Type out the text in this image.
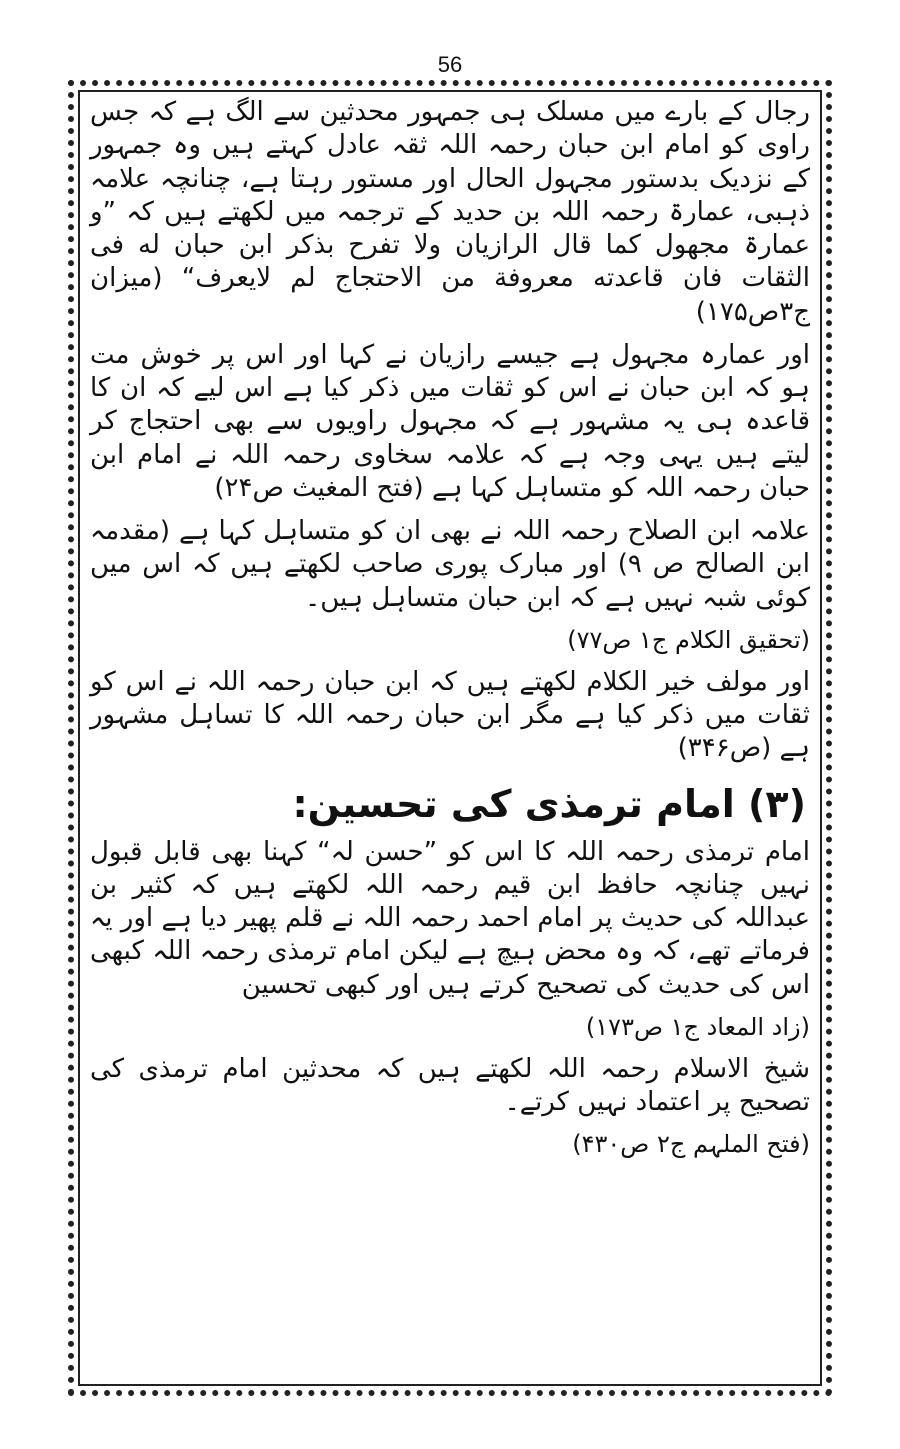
56

رجال کے بارے میں مسلک ہی جمہور محدثین سے الگ ہے کہ جس راوی کو امام ابن حبان رحمہ اللہ ثقہ عادل کہتے ہیں وہ جمہور کے نزدیک بدستور مجہول الحال اور مستور رہتا ہے، چنانچہ علامہ ذہبی، عمارۃ رحمہ اللہ بن حدید کے ترجمہ میں لکھتے ہیں کہ ”و عمارۃ مجھول کما قال الرازیان ولا تفرح بذکر ابن حبان له فی الثقات فان قاعدته معروفة من الاحتجاج لم لایعرف“ (میزان ج۳ص۱۷۵)

اور عمارہ مجہول ہے جیسے رازیان نے کہا اور اس پر خوش مت ہو کہ ابن حبان نے اس کو ثقات میں ذکر کیا ہے اس لیے کہ ان کا قاعدہ ہی یہ مشہور ہے کہ مجہول راویوں سے بھی احتجاج کر لیتے ہیں یہی وجہ ہے کہ علامہ سخاوی رحمہ اللہ نے امام ابن حبان رحمہ اللہ کو متساہل کہا ہے (فتح المغیث ص۲۴)

علامہ ابن الصلاح رحمہ اللہ نے بھی ان کو متساہل کہا ہے (مقدمہ ابن الصالح ص ۹) اور مبارک پوری صاحب لکھتے ہیں کہ اس میں کوئی شبہ نہیں ہے کہ ابن حبان متساہل ہیں۔

(تحقیق الکلام ج۱ ص۷۷)

اور مولف خیر الکلام لکھتے ہیں کہ ابن حبان رحمہ اللہ نے اس کو ثقات میں ذکر کیا ہے مگر ابن حبان رحمہ اللہ کا تساہل مشہور ہے (ص۳۴۶)

(۳) امام ترمذی کی تحسین:

امام ترمذی رحمہ اللہ کا اس کو ”حسن لہ“ کہنا بھی قابل قبول نہیں چنانچہ حافظ ابن قیم رحمہ اللہ لکھتے ہیں کہ کثیر بن عبداللہ کی حدیث پر امام احمد رحمہ اللہ نے قلم پھیر دیا ہے اور یہ فرماتے تھے، کہ وہ محض ہیچ ہے لیکن امام ترمذی رحمہ اللہ کبھی اس کی حدیث کی تصحیح کرتے ہیں اور کبھی تحسین

(زاد المعاد ج۱ ص۱۷۳)

شیخ الاسلام رحمہ اللہ لکھتے ہیں کہ محدثین امام ترمذی کی تصحیح پر اعتماد نہیں کرتے۔

(فتح الملہم ج۲ ص۴۳۰)
